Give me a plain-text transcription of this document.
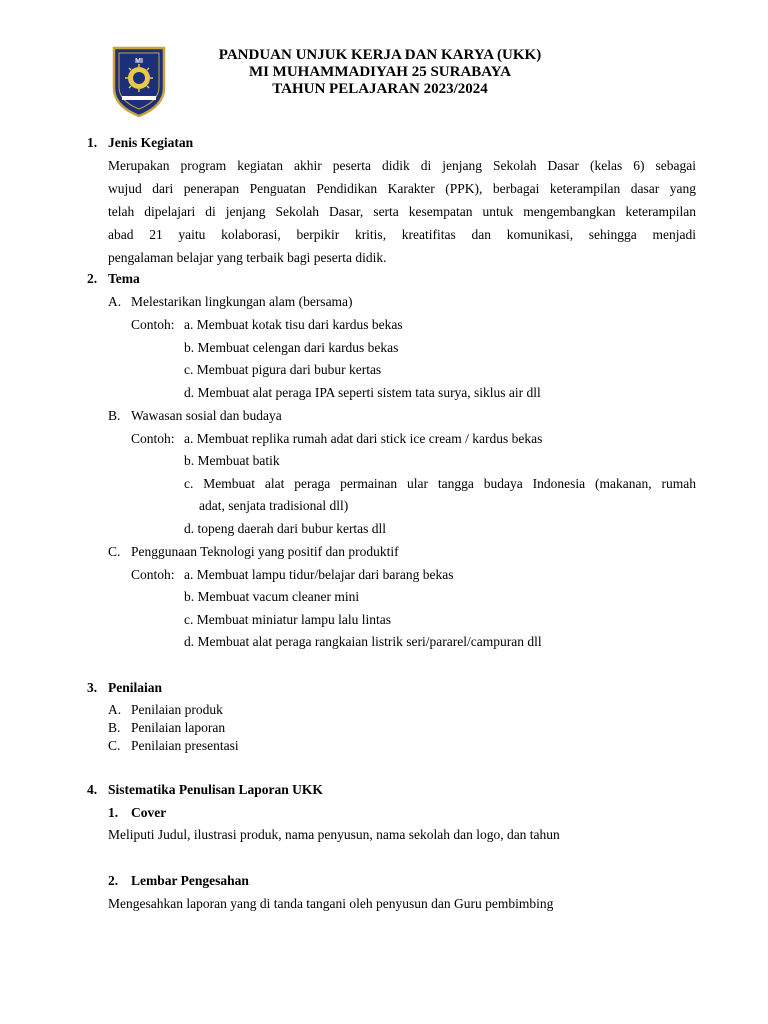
MI	PANDUAN UNJUK KERJA DAN KARYA (UKK)
MI MUHAMMADIYAH 25 SURABAYA
TAHUN PELAJARAN 2023/2024
1. Jenis Kegiatan
Merupakan program kegiatan akhir peserta didik di jenjang Sekolah Dasar (kelas 6) sebagai
wujud dari penerapan Penguatan Pendidikan Karakter (PPK), berbagai keterampilan dasar yang
telah dipelajari di jenjang Sekolah Dasar, serta kesempatan untuk mengembangkan keterampilan
abad 21 yaitu kolaborasi, berpikir kritis, kreatifitas dan komunikasi, sehingga menjadi
pengalaman belajar yang terbaik bagi peserta didik.
2. Tema
A. Melestarikan lingkungan alam (bersama)
Contoh: a. Membuat kotak tisu dari kardus bekas
b. Membuat celengan dari kardus bekas
c. Membuat pigura dari bubur kertas
d. Membuat alat peraga IPA seperti sistem tata surya, siklus air dll
B. Wawasan sosial dan budaya
Contoh: a. Membuat replika rumah adat dari stick ice cream / kardus bekas
b. Membuat batik
c. Membuat alat peraga permainan ular tangga budaya Indonesia (makanan, rumah
adat, senjata tradisional dll)
d. topeng daerah dari bubur kertas dll
C. Penggunaan Teknologi yang positif dan produktif
Contoh: a. Membuat lampu tidur/belajar dari barang bekas
b. Membuat vacum cleaner mini
c. Membuat miniatur lampu lalu lintas
d. Membuat alat peraga rangkaian listrik seri/pararel/campuran dll
3. Penilaian
A. Penilaian produk
B. Penilaian laporan
C. Penilaian presentasi
4. Sistematika Penulisan Laporan UKK
1. Cover
Meliputi Judul, ilustrasi produk, nama penyusun, nama sekolah dan logo, dan tahun
2. Lembar Pengesahan
Mengesahkan laporan yang di tanda tangani oleh penyusun dan Guru pembimbing
